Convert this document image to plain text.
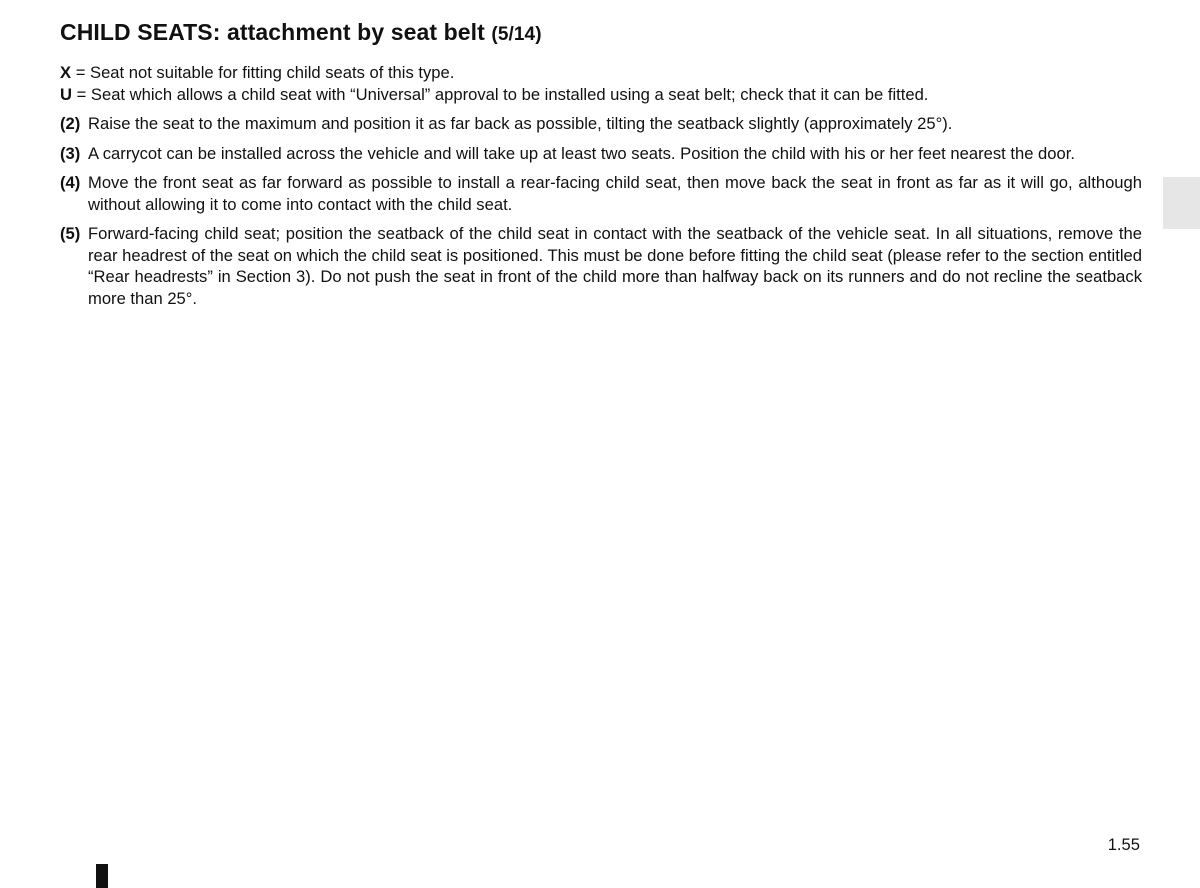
CHILD SEATS: attachment by seat belt (5/14)

X = Seat not suitable for fitting child seats of this type.

U = Seat which allows a child seat with “Universal” approval to be installed using a seat belt; check that it can be fitted.

(2) Raise the seat to the maximum and position it as far back as possible, tilting the seatback slightly (approximately 25°).
(3) A carrycot can be installed across the vehicle and will take up at least two seats. Position the child with his or her feet nearest the door.
(4) Move the front seat as far forward as possible to install a rear-facing child seat, then move back the seat in front as far as it will go, although without allowing it to come into contact with the child seat.
(5) Forward-facing child seat; position the seatback of the child seat in contact with the seatback of the vehicle seat. In all situations, remove the rear headrest of the seat on which the child seat is positioned. This must be done before fitting the child seat (please refer to the section entitled “Rear headrests” in Section 3). Do not push the seat in front of the child more than halfway back on its runners and do not recline the seatback more than 25°.
1.55
